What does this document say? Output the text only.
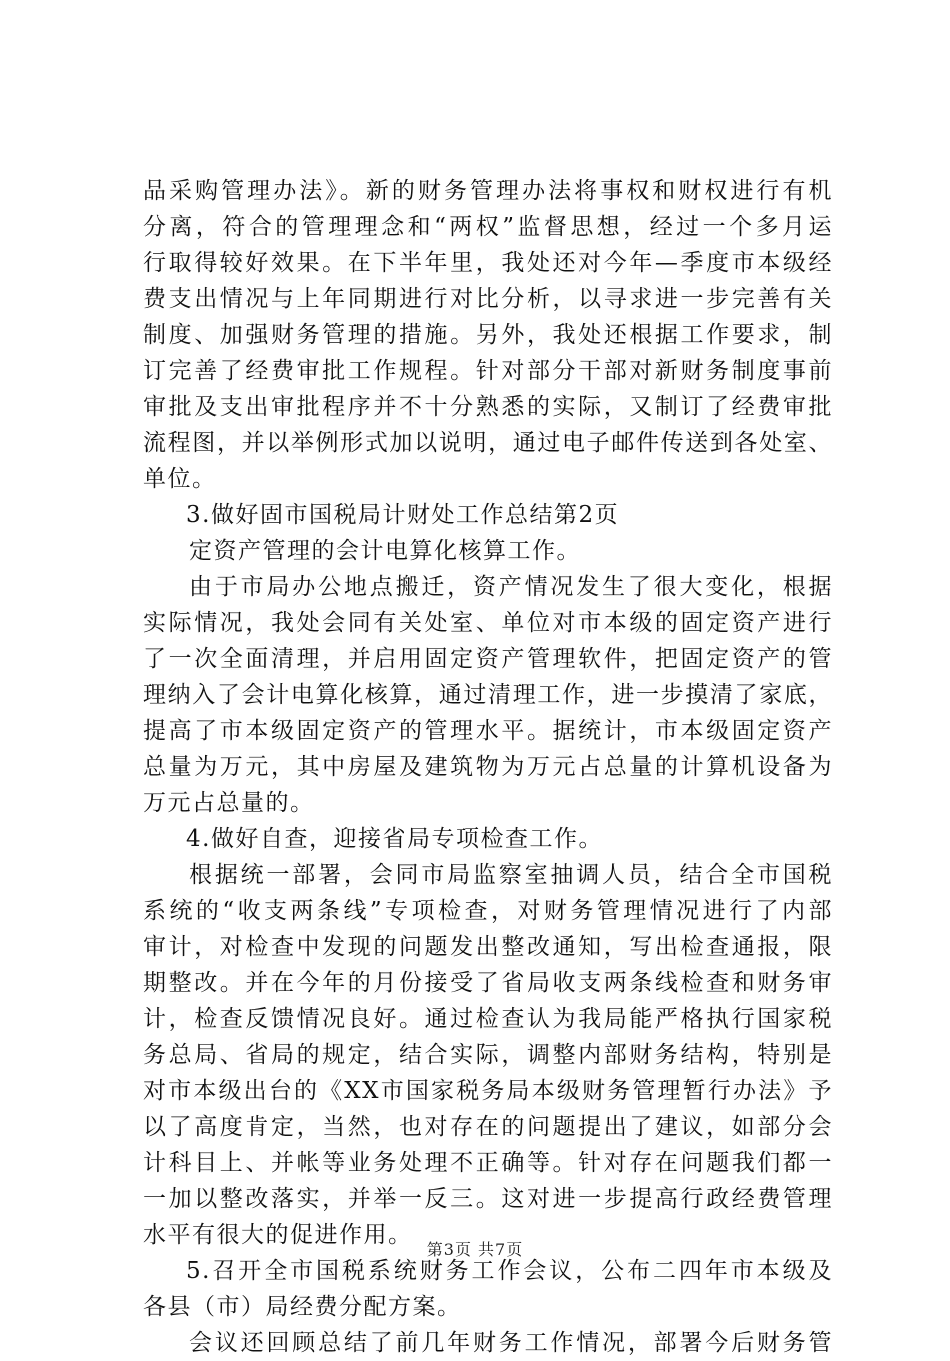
品采购管理办法》。新的财务管理办法将事权和财权进行有机
分离，符合的管理理念和“两权”监督思想，经过一个多月运
行取得较好效果。在下半年里，我处还对今年—季度市本级经
费支出情况与上年同期进行对比分析，以寻求进一步完善有关
制度、加强财务管理的措施。另外，我处还根据工作要求，制
订完善了经费审批工作规程。针对部分干部对新财务制度事前
审批及支出审批程序并不十分熟悉的实际，又制订了经费审批
流程图，并以举例形式加以说明，通过电子邮件传送到各处室、
单位。
3.做好固市国税局计财处工作总结第2页
定资产管理的会计电算化核算工作。
由于市局办公地点搬迁，资产情况发生了很大变化，根据
实际情况，我处会同有关处室、单位对市本级的固定资产进行
了一次全面清理，并启用固定资产管理软件，把固定资产的管
理纳入了会计电算化核算，通过清理工作，进一步摸清了家底，
提高了市本级固定资产的管理水平。据统计，市本级固定资产
总量为万元，其中房屋及建筑物为万元占总量的计算机设备为
万元占总量的。
4.做好自查，迎接省局专项检查工作。
根据统一部署，会同市局监察室抽调人员，结合全市国税
系统的“收支两条线”专项检查，对财务管理情况进行了内部
审计，对检查中发现的问题发出整改通知，写出检查通报，限
期整改。并在今年的月份接受了省局收支两条线检查和财务审
计，检查反馈情况良好。通过检查认为我局能严格执行国家税
务总局、省局的规定，结合实际，调整内部财务结构，特别是
对市本级出台的《XX市国家税务局本级财务管理暂行办法》予
以了高度肯定，当然，也对存在的问题提出了建议，如部分会
计科目上、并帐等业务处理不正确等。针对存在问题我们都一
一加以整改落实，并举一反三。这对进一步提高行政经费管理
水平有很大的促进作用。
5.召开全市国税系统财务工作会议，公布二四年市本级及
各县（市）局经费分配方案。
会议还回顾总结了前几年财务工作情况，部署今后财务管
第3页 共7页
